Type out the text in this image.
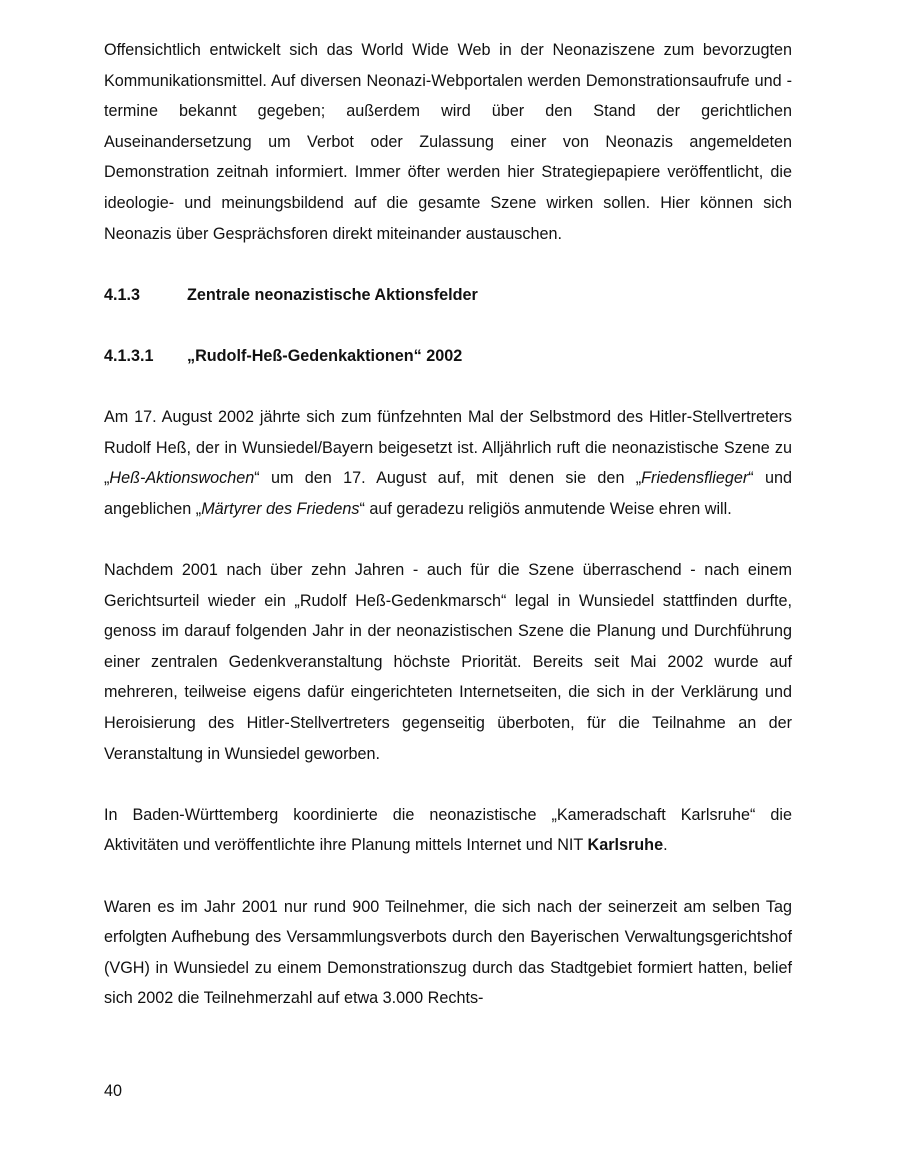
Offensichtlich entwickelt sich das World Wide Web in der Neonaziszene zum bevorzugten Kommunikationsmittel. Auf diversen Neonazi-Webportalen werden Demonstrationsaufrufe und -termine bekannt gegeben; außerdem wird über den Stand der gerichtlichen Auseinandersetzung um Verbot oder Zulassung einer von Neonazis angemeldeten Demonstration zeitnah informiert. Immer öfter werden hier Strategiepapiere veröffentlicht, die ideologie- und meinungsbildend auf die gesamte Szene wirken sollen. Hier können sich Neonazis über Gesprächsforen direkt miteinander austauschen.

4.1.3	Zentrale neonazistische Aktionsfelder
4.1.3.1	„Rudolf-Heß-Gedenkaktionen“ 2002

Am 17. August 2002 jährte sich zum fünfzehnten Mal der Selbstmord des Hitler-Stellvertreters Rudolf Heß, der in Wunsiedel/Bayern beigesetzt ist. Alljährlich ruft die neonazistische Szene zu „Heß-Aktionswochen“ um den 17. August auf, mit denen sie den „Friedensflieger“ und angeblichen „Märtyrer des Friedens“ auf geradezu religiös anmutende Weise ehren will.

Nachdem 2001 nach über zehn Jahren - auch für die Szene überraschend - nach einem Gerichtsurteil wieder ein „Rudolf Heß-Gedenkmarsch“ legal in Wunsiedel stattfinden durfte, genoss im darauf folgenden Jahr in der neonazistischen Szene die Planung und Durchführung einer zentralen Gedenkveranstaltung höchste Priorität. Bereits seit Mai 2002 wurde auf mehreren, teilweise eigens dafür eingerichteten Internetseiten, die sich in der Verklärung und Heroisierung des Hitler-Stellvertreters gegenseitig überboten, für die Teilnahme an der Veranstaltung in Wunsiedel geworben.

In Baden-Württemberg koordinierte die neonazistische „Kameradschaft Karlsruhe“ die Aktivitäten und veröffentlichte ihre Planung mittels Internet und NIT Karlsruhe.

Waren es im Jahr 2001 nur rund 900 Teilnehmer, die sich nach der seinerzeit am selben Tag erfolgten Aufhebung des Versammlungsverbots durch den Bayerischen Verwaltungsgerichtshof (VGH) in Wunsiedel zu einem Demonstrationszug durch das Stadtgebiet formiert hatten, belief sich 2002 die Teilnehmerzahl auf etwa 3.000 Rechts-

40
